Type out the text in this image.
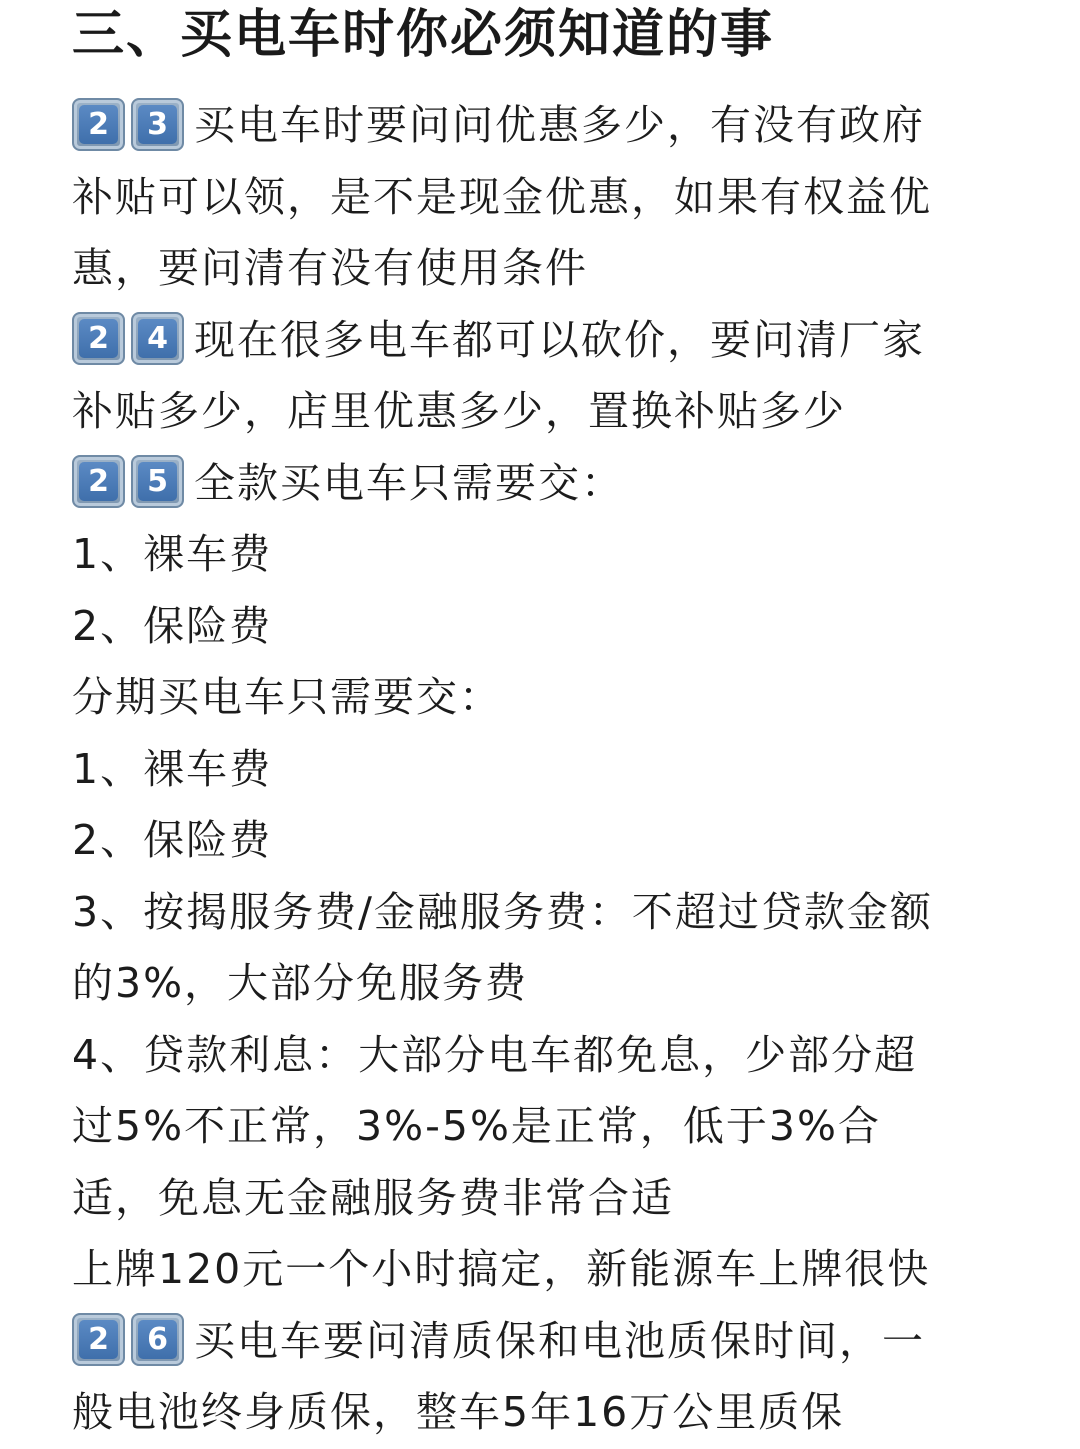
三、买电车时你必须知道的事
2	3 买电车时要问问优惠多少，有没有政府
补贴可以领，是不是现金优惠，如果有权益优
惠，要问清有没有使用条件
2	4 现在很多电车都可以砍价，要问清厂家
补贴多少，店里优惠多少，置换补贴多少
2	5 全款买电车只需要交：
1、裸车费
2、保险费
分期买电车只需要交：
1、裸车费
2、保险费
3、按揭服务费/金融服务费：不超过贷款金额
的3%，大部分免服务费
4、贷款利息：大部分电车都免息，少部分超
过5%不正常，3%-5%是正常，低于3%合
适，免息无金融服务费非常合适
上牌120元一个小时搞定，新能源车上牌很快
2	6 买电车要问清质保和电池质保时间，一
般电池终身质保，整车5年16万公里质保
